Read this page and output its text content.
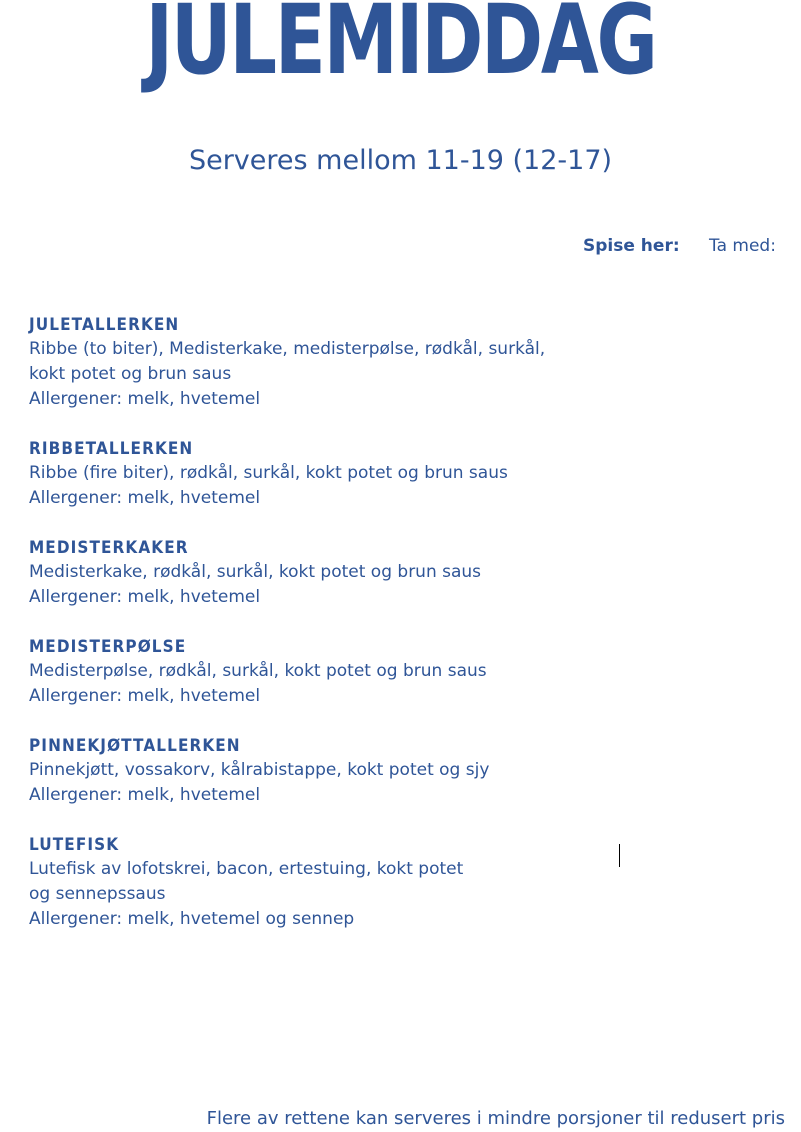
JULEMIDDAG
Serveres mellom 11-19 (12-17)
Spise her: Ta med:
JULETALLERKEN
Ribbe (to biter), Medisterkake, medisterpølse, rødkål, surkål,
kokt potet og brun saus
Allergener: melk, hvetemel
RIBBETALLERKEN
Ribbe (fire biter), rødkål, surkål, kokt potet og brun saus
Allergener: melk, hvetemel
MEDISTERKAKER
Medisterkake, rødkål, surkål, kokt potet og brun saus
Allergener: melk, hvetemel
MEDISTERPØLSE
Medisterpølse, rødkål, surkål, kokt potet og brun saus
Allergener: melk, hvetemel
PINNEKJØTTALLERKEN
Pinnekjøtt, vossakorv, kålrabistappe, kokt potet og sjy
Allergener: melk, hvetemel
LUTEFISK
Lutefisk av lofotskrei, bacon, ertestuing, kokt potet
og sennepssaus
Allergener: melk, hvetemel og sennep
Flere av rettene kan serveres i mindre porsjoner til redusert pris
